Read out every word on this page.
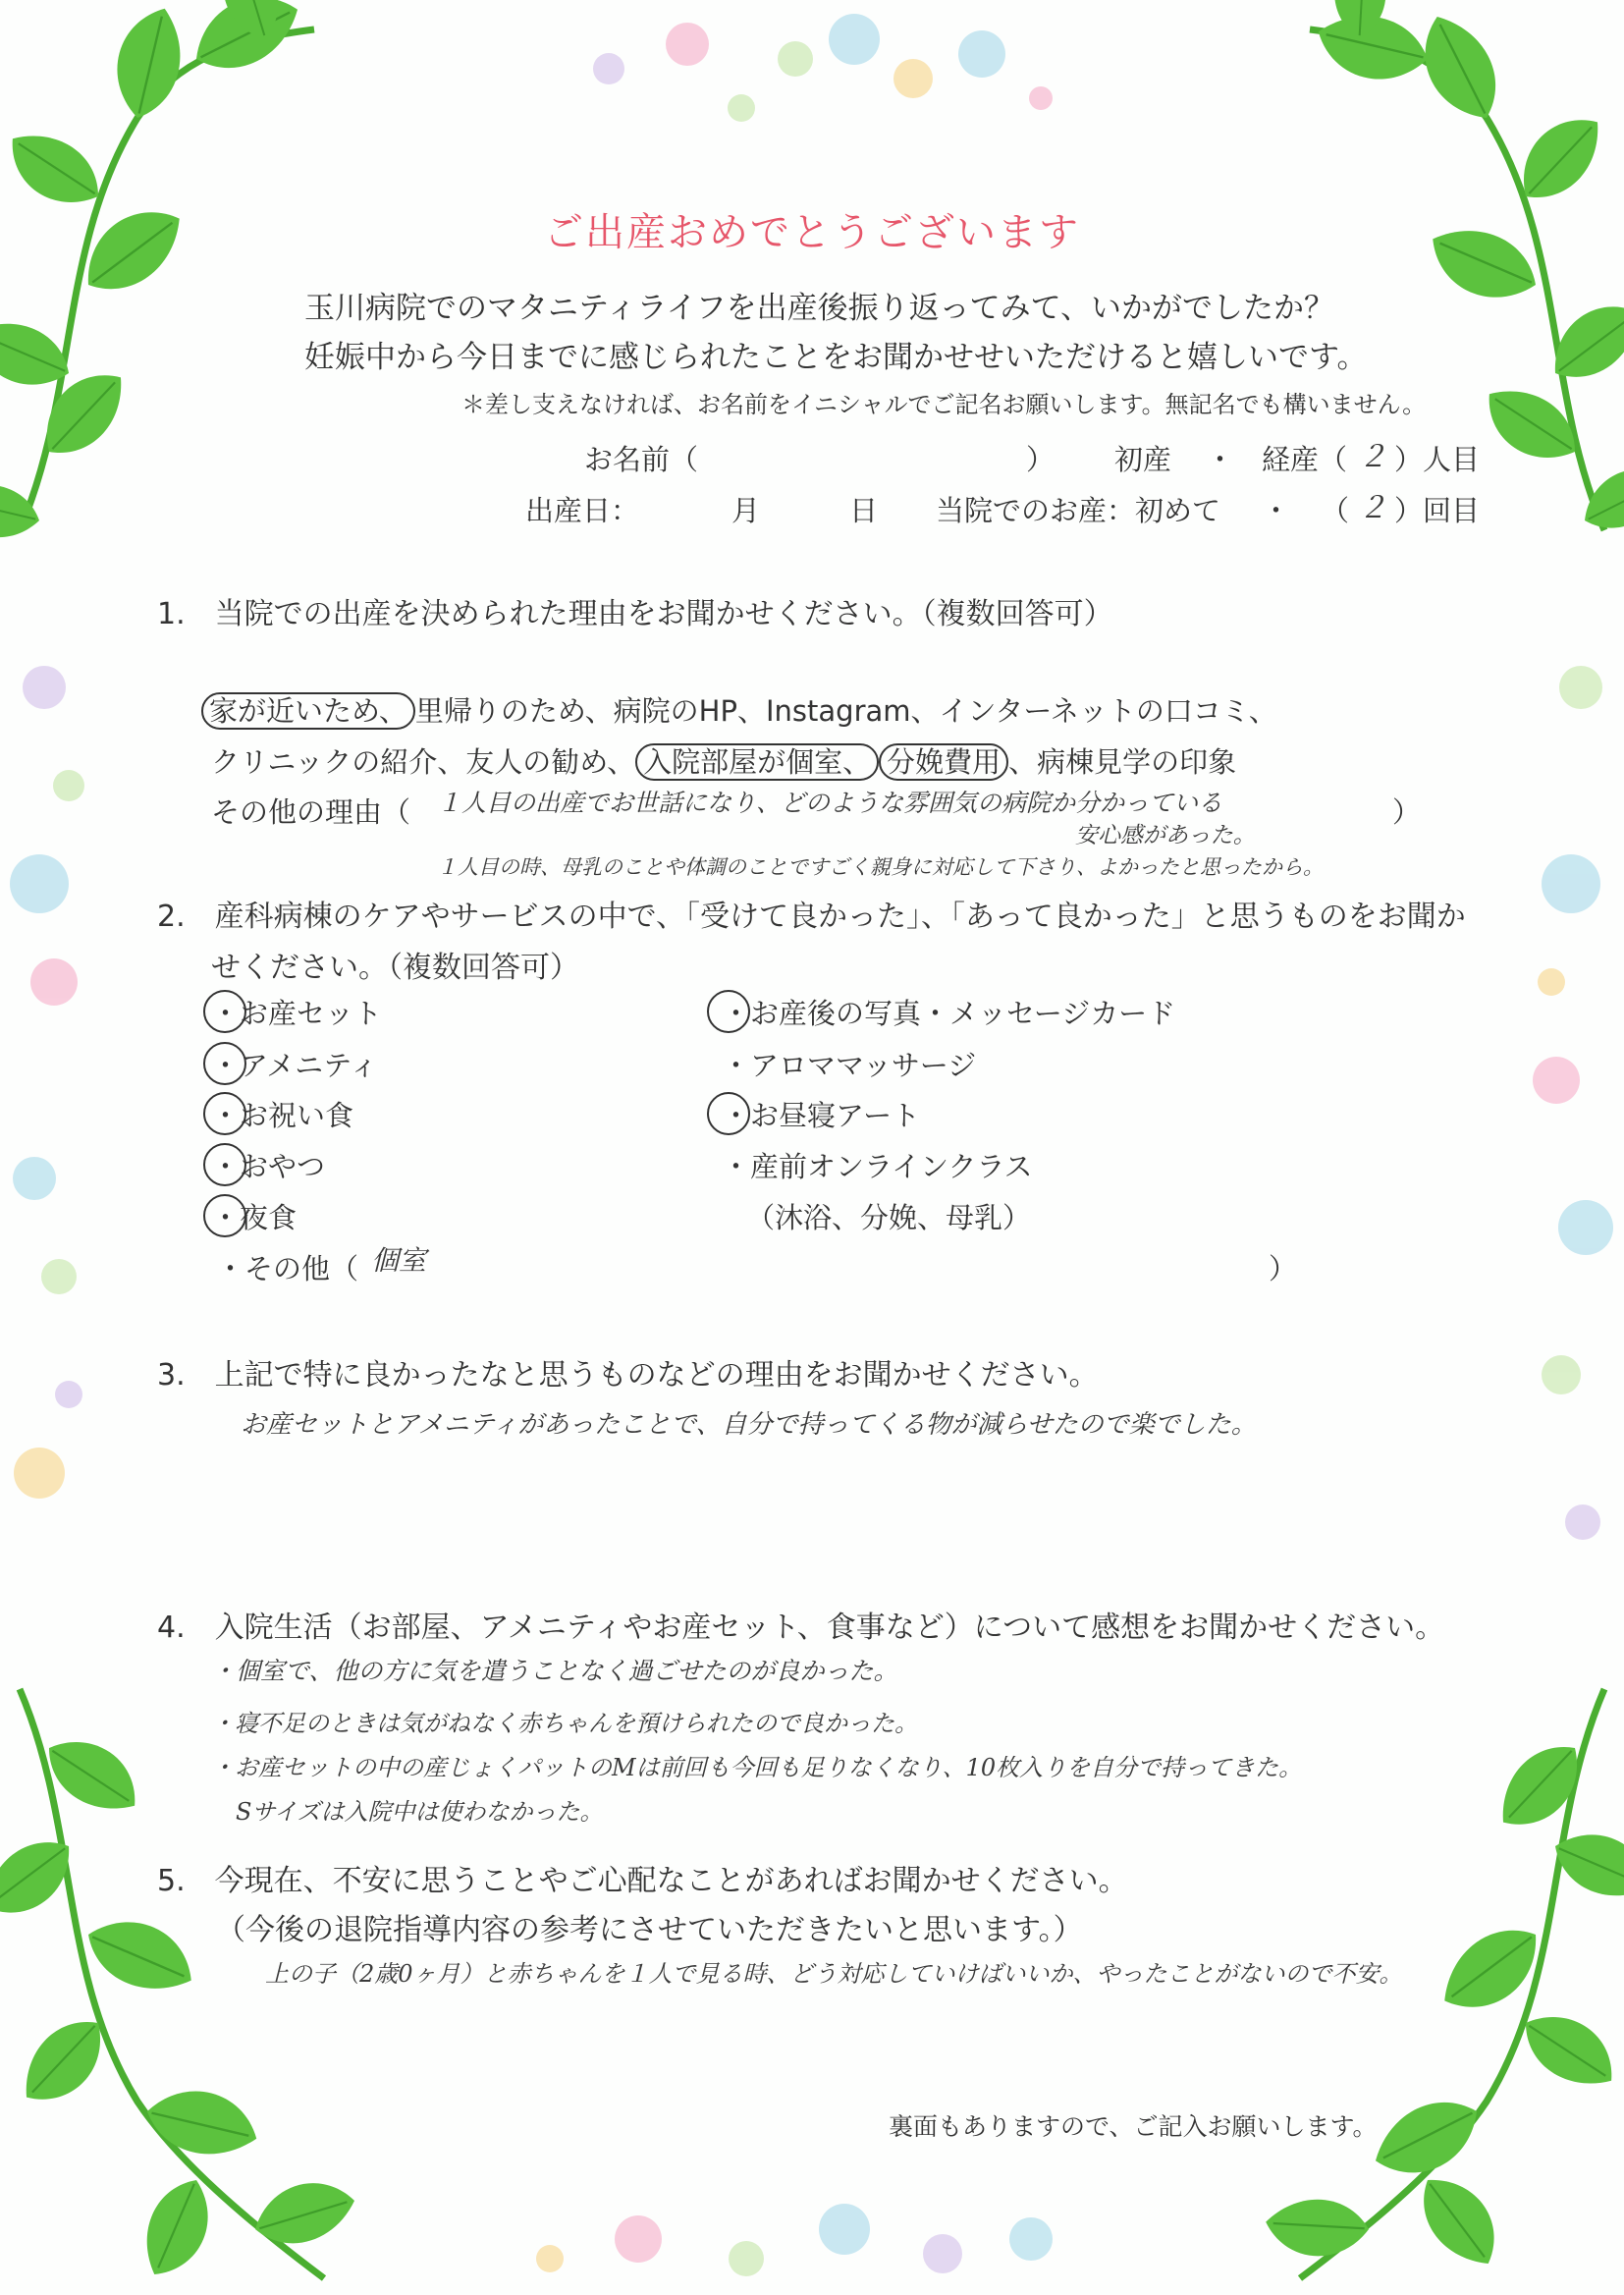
ご出産おめでとうございます
玉川病院でのマタニティライフを出産後振り返ってみて、いかがでしたか？
妊娠中から今日までに感じられたことをお聞かせせいただけると嬉しいです。
＊差し支えなければ、お名前をイニシャルでご記名お願いします。無記名でも構いません。
お名前（	） 初産 ・ 経産（ ２ ）人目
出産日：	月	日 当院でのお産：初めて ・ （ ２ ）回目
1.　当院での出産を決められた理由をお聞かせください。（複数回答可）
家が近いため、 里帰りのため、病院のHP、Instagram、インターネットの口コミ、
クリニックの紹介、友人の勧め、 入院部屋が個室、 分娩費用 、病棟見学の印象
その他の理由（ １人目の出産でお世話になり、どのような雰囲気の病院か分かっている	）
安心感があった。
１人目の時、母乳のことや体調のことですごく親身に対応して下さり、よかったと思ったから。
2.　産科病棟のケアやサービスの中で、「受けて良かった」、「あって良かった」と思うものをお聞か
せください。（複数回答可）
・お産セット
・アメニティ
・お祝い食
・おやつ
・夜食
・お産後の写真・メッセージカード
・アロママッサージ
・お昼寝アート
・産前オンラインクラス
（沐浴、分娩、母乳）
・その他（ 個室	）
3.　上記で特に良かったなと思うものなどの理由をお聞かせください。
お産セットとアメニティがあったことで、自分で持ってくる物が減らせたので楽でした。
4.　入院生活（お部屋、アメニティやお産セット、食事など）について感想をお聞かせください。
・個室で、他の方に気を遣うことなく過ごせたのが良かった。
・寝不足のときは気がねなく赤ちゃんを預けられたので良かった。
・お産セットの中の産じょくパットのMは前回も今回も足りなくなり、10枚入りを自分で持ってきた。
Sサイズは入院中は使わなかった。
5.　今現在、不安に思うことやご心配なことがあればお聞かせください。
（今後の退院指導内容の参考にさせていただきたいと思います。）
上の子（2歳0ヶ月）と赤ちゃんを１人で見る時、どう対応していけばいいか、やったことがないので不安。
裏面もありますので、ご記入お願いします。
